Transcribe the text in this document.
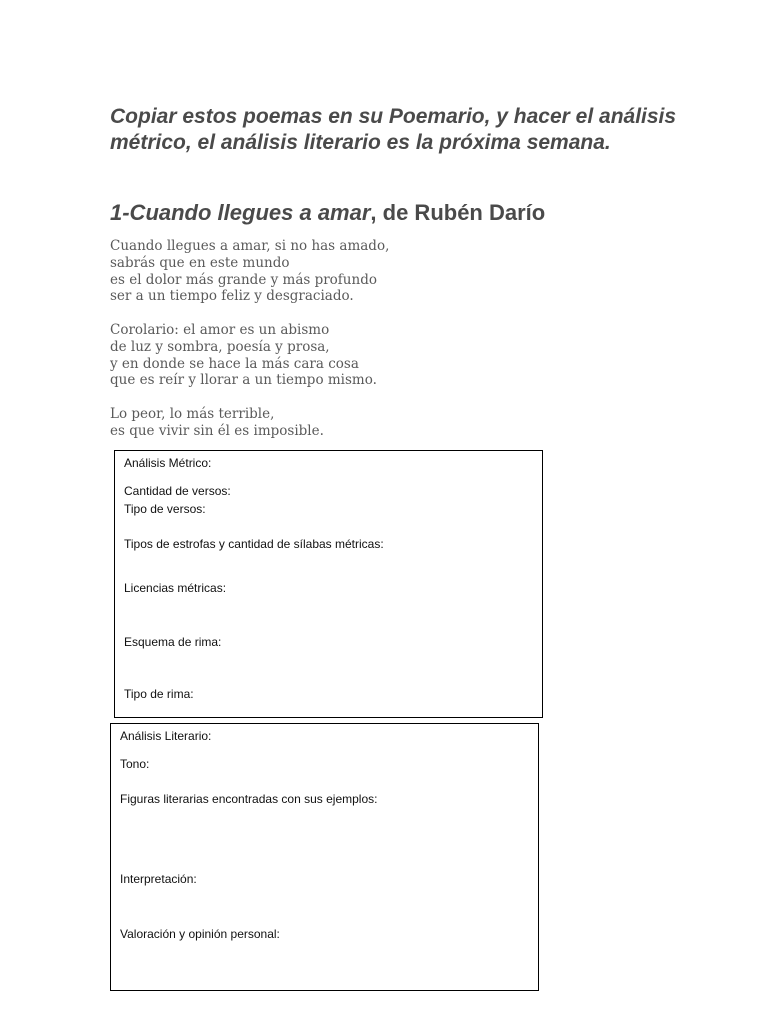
Copiar estos poemas en su Poemario, y hacer el análisis métrico, el análisis literario es la próxima semana.

1-Cuando llegues a amar, de Rubén Darío
Cuando llegues a amar, si no has amado,
sabrás que en este mundo
es el dolor más grande y más profundo
ser a un tiempo feliz y desgraciado.
Corolario: el amor es un abismo
de luz y sombra, poesía y prosa,
y en donde se hace la más cara cosa
que es reír y llorar a un tiempo mismo.
Lo peor, lo más terrible,
es que vivir sin él es imposible.

Análisis Métrico:

Cantidad de versos:

Tipo de versos:

Tipos de estrofas y cantidad de sílabas métricas:

Licencias métricas:

Esquema de rima:

Tipo de rima:

Análisis Literario:

Tono:

Figuras literarias encontradas con sus ejemplos:

Interpretación:

Valoración y opinión personal:
